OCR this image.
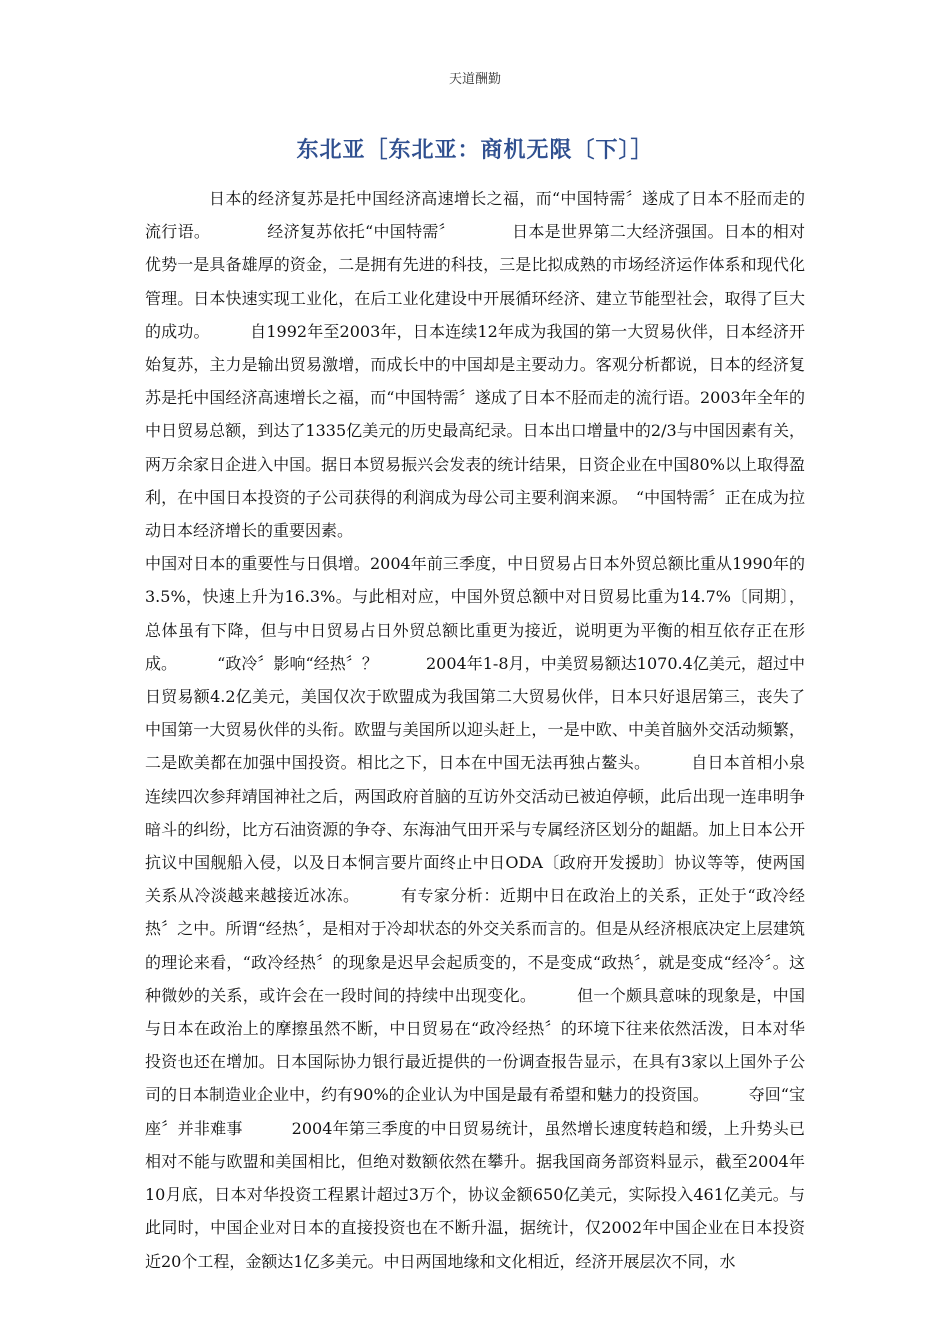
天道酬勤
东北亚［东北亚：商机无限〔下〕］

日本的经济复苏是托中国经济高速增长之福，而“中国特需〞遂成了日本不胫而走的流行语。　　　　经济复苏依托“中国特需〞　　　　日本是世界第二大经济强国。日本的相对优势一是具备雄厚的资金，二是拥有先进的科技，三是比拟成熟的市场经济运作体系和现代化管理。日本快速实现工业化，在后工业化建设中开展循环经济、建立节能型社会，取得了巨大的成功。　　　自1992年至2003年，日本连续12年成为我国的第一大贸易伙伴，日本经济开始复苏，主力是输出贸易激增，而成长中的中国却是主要动力。客观分析都说，日本的经济复苏是托中国经济高速增长之福，而“中国特需〞遂成了日本不胫而走的流行语。2003年全年的中日贸易总额，到达了1335亿美元的历史最高纪录。日本出口增量中的2/3与中国因素有关，两万余家日企进入中国。据日本贸易振兴会发表的统计结果，日资企业在中国80%以上取得盈利，在中国日本投资的子公司获得的利润成为母公司主要利润来源。　“中国特需〞正在成为拉动日本经济增长的重要因素。

中国对日本的重要性与日俱增。2004年前三季度，中日贸易占日本外贸总额比重从1990年的3.5%，快速上升为16.3%。与此相对应，中国外贸总额中对日贸易比重为14.7%〔同期〕，总体虽有下降，但与中日贸易占日外贸总额比重更为接近，说明更为平衡的相互依存正在形成。　　　“政冷〞影响“经热〞？　　　2004年1-8月，中美贸易额达1070.4亿美元，超过中日贸易额4.2亿美元，美国仅次于欧盟成为我国第二大贸易伙伴，日本只好退居第三，丧失了中国第一大贸易伙伴的头衔。欧盟与美国所以迎头赶上，一是中欧、中美首脑外交活动频繁，二是欧美都在加强中国投资。相比之下，日本在中国无法再独占鳌头。　　　自日本首相小泉连续四次参拜靖国神社之后，两国政府首脑的互访外交活动已被迫停顿，此后出现一连串明争暗斗的纠纷，比方石油资源的争夺、东海油气田开采与专属经济区划分的龃龉。加上日本公开抗议中国舰船入侵，以及日本恫言要片面终止中日ODA〔政府开发援助〕协议等等，使两国关系从冷淡越来越接近冰冻。　　　有专家分析：近期中日在政治上的关系，正处于“政冷经热〞之中。所谓“经热〞，是相对于冷却状态的外交关系而言的。但是从经济根底决定上层建筑的理论来看，“政冷经热〞的现象是迟早会起质变的，不是变成“政热〞，就是变成“经冷〞。这种微妙的关系，或许会在一段时间的持续中出现变化。　　　但一个颇具意味的现象是，中国与日本在政治上的摩擦虽然不断，中日贸易在“政冷经热〞的环境下往来依然活泼，日本对华投资也还在增加。日本国际协力银行最近提供的一份调查报告显示，在具有3家以上国外子公司的日本制造业企业中，约有90%的企业认为中国是最有希望和魅力的投资国。　　　夺回“宝座〞并非难事　　　2004年第三季度的中日贸易统计，虽然增长速度转趋和缓，上升势头已相对不能与欧盟和美国相比，但绝对数额依然在攀升。据我国商务部资料显示，截至2004年10月底，日本对华投资工程累计超过3万个，协议金额650亿美元，实际投入461亿美元。与此同时，中国企业对日本的直接投资也在不断升温，据统计，仅2002年中国企业在日本投资近20个工程，金额达1亿多美元。中日两国地缘和文化相近，经济开展层次不同，水
